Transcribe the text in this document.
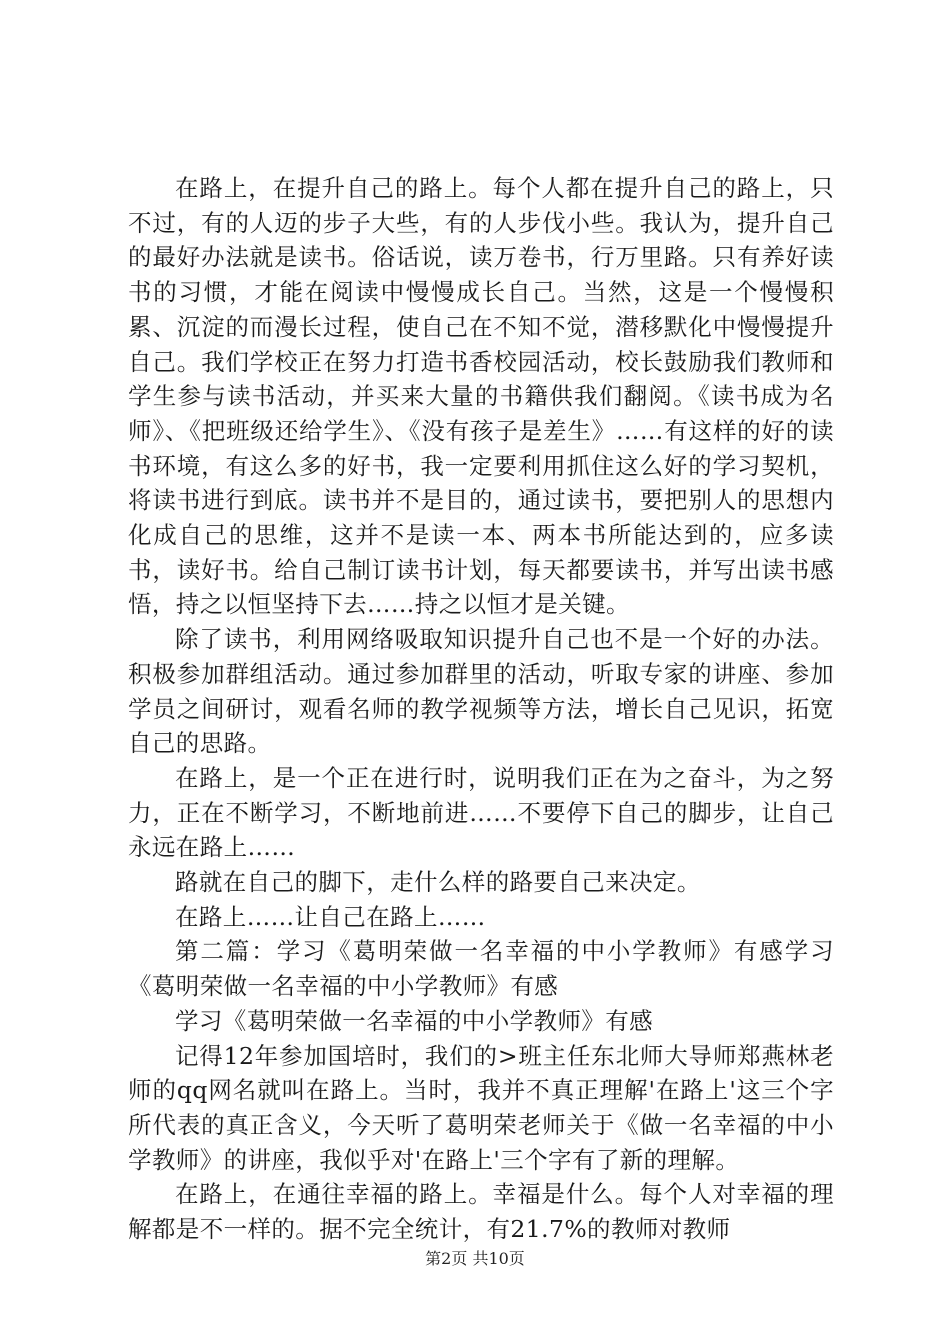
在路上，在提升自己的路上。每个人都在提升自己的路上，只不过，有的人迈的步子大些，有的人步伐小些。我认为，提升自己的最好办法就是读书。俗话说，读万卷书，行万里路。只有养好读书的习惯，才能在阅读中慢慢成长自己。当然，这是一个慢慢积累、沉淀的而漫长过程，使自己在不知不觉，潜移默化中慢慢提升自己。我们学校正在努力打造书香校园活动，校长鼓励我们教师和学生参与读书活动，并买来大量的书籍供我们翻阅。《读书成为名师》、《把班级还给学生》、《没有孩子是差生》……有这样的好的读书环境，有这么多的好书，我一定要利用抓住这么好的学习契机，将读书进行到底。读书并不是目的，通过读书，要把别人的思想内化成自己的思维，这并不是读一本、两本书所能达到的，应多读书，读好书。给自己制订读书计划，每天都要读书，并写出读书感悟，持之以恒坚持下去……持之以恒才是关键。

除了读书，利用网络吸取知识提升自己也不是一个好的办法。积极参加群组活动。通过参加群里的活动，听取专家的讲座、参加学员之间研讨，观看名师的教学视频等方法，增长自己见识，拓宽自己的思路。

在路上，是一个正在进行时，说明我们正在为之奋斗，为之努力，正在不断学习，不断地前进……不要停下自己的脚步，让自己永远在路上……

路就在自己的脚下，走什么样的路要自己来决定。

在路上……让自己在路上……

第二篇：学习《葛明荣做一名幸福的中小学教师》有感学习《葛明荣做一名幸福的中小学教师》有感

学习《葛明荣做一名幸福的中小学教师》有感

记得12年参加国培时，我们的>班主任东北师大导师郑燕林老师的qq网名就叫在路上。当时，我并不真正理解'在路上'这三个字所代表的真正含义，今天听了葛明荣老师关于《做一名幸福的中小学教师》的讲座，我似乎对'在路上'三个字有了新的理解。

在路上，在通往幸福的路上。幸福是什么。每个人对幸福的理解都是不一样的。据不完全统计，有21.7%的教师对教师

第2页 共10页
